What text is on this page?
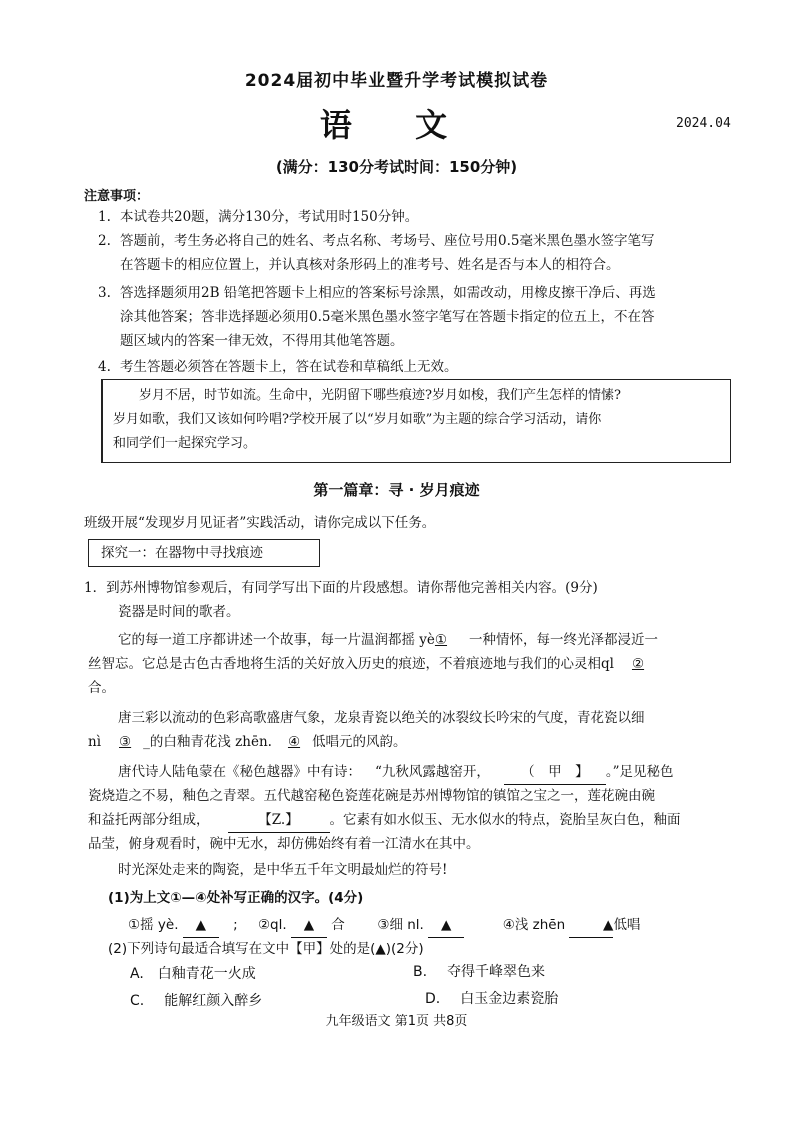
2024届初中毕业暨升学考试模拟试卷
语 文	2024.04
(满分：130分考试时间：150分钟)
注意事项：
1. 本试卷共20题，满分130分，考试用时150分钟。
2. 答题前，考生务必将自己的姓名、考点名称、考场号、座位号用0.5毫米黑色墨水签字笔写
在答题卡的相应位置上，并认真核对条形码上的准考号、姓名是否与本人的相符合。
3. 答选择题须用2B 铅笔把答题卡上相应的答案标号涂黑，如需改动，用橡皮擦干净后、再选
涂其他答案；答非选择题必须用0.5毫米黑色墨水签字笔写在答题卡指定的位五上，不在答
题区域内的答案一律无效，不得用其他笔答题。
4. 考生答题必须答在答题卡上，答在试卷和草稿纸上无效。
岁月不居，时节如流。生命中，光阴留下哪些痕迹?岁月如梭，我们产生怎样的情愫?
岁月如歌，我们又该如何吟唱?学校开展了以“岁月如歌”为主题的综合学习活动，请你
和同学们一起探究学习。
第一篇章：寻 · 岁月痕迹
班级开展“发现岁月见证者”实践活动，请你完成以下任务。
探究一：在器物中寻找痕迹
1．到苏州博物馆参观后，有同学写出下面的片段感想。请你帮他完善相关内容。(9分)
瓷器是时间的歌者。
它的每一道工序都讲述一个故事，每一片温润都摇 yè① 一种情怀，每一终光泽都浸近一
丝智忘。它总是古色古香地将生活的关好放入历史的痕迹，不着痕迹地与我们的心灵相ql ②
合。
唐三彩以流动的色彩高歌盛唐气象，龙泉青瓷以绝关的冰裂纹长吟宋的气度，青花瓷以细
nì ③ _的白釉青花浅 zhēn. ④ 低唱元的风韵。
唐代诗人陆龟蒙在《秘色越器》中有诗： “九秋风露越窑开， （　甲　】 。”足见秘色
瓷烧造之不易，釉色之青翠。五代越窑秘色瓷莲花碗是苏州博物馆的镇馆之宝之一，莲花碗由碗
和益托两部分组成，	【Z.】 。它素有如水似玉、无水似水的特点，瓷胎呈灰白色，釉面
品莹，俯身观看时，碗中无水，却仿佛始终有着一江清水在其中。
时光深处走来的陶瓷，是中华五千年文明最灿烂的符号!
(1)为上文①—④处补写正确的汉字。(4分)
①摇 yè. ▲ ; ②ql. ▲ 合 ③细 nl. ▲	④浅 zhēn	▲低唱
(2)下列诗句最适合填写在文中【甲】处的是(▲)(2分)
A. 白釉青花一火成	B. 夺得千峰翠色来
C. 能解红颜入醉乡	D. 白玉金边素瓷胎
九年级语文 第1页 共8页
